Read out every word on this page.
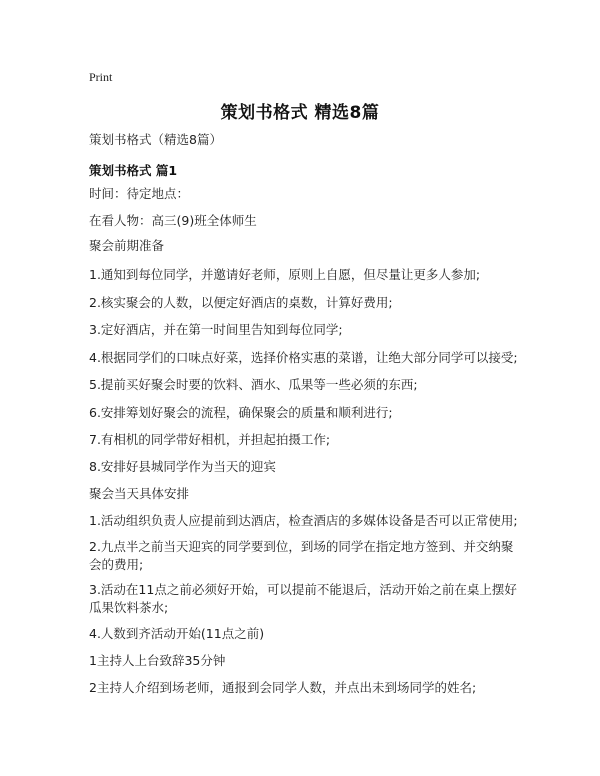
Print
策划书格式 精选8篇
策划书格式（精选8篇）
策划书格式 篇1
时间：待定地点：
在看人物：高三(9)班全体师生
聚会前期准备
1.通知到每位同学，并邀请好老师，原则上自愿，但尽量让更多人参加;
2.核实聚会的人数，以便定好酒店的桌数，计算好费用;
3.定好酒店，并在第一时间里告知到每位同学;
4.根据同学们的口味点好菜，选择价格实惠的菜谱，让绝大部分同学可以接受;
5.提前买好聚会时要的饮料、酒水、瓜果等一些必须的东西;
6.安排筹划好聚会的流程，确保聚会的质量和顺利进行;
7.有相机的同学带好相机，并担起拍摄工作;
8.安排好县城同学作为当天的迎宾
聚会当天具体安排
1.活动组织负责人应提前到达酒店，检查酒店的多媒体设备是否可以正常使用;
2.九点半之前当天迎宾的同学要到位，到场的同学在指定地方签到、并交纳聚会的费用;
3.活动在11点之前必须好开始，可以提前不能退后，活动开始之前在桌上摆好瓜果饮料茶水;
4.人数到齐活动开始(11点之前)
1主持人上台致辞35分钟
2主持人介绍到场老师，通报到会同学人数，并点出未到场同学的姓名;
